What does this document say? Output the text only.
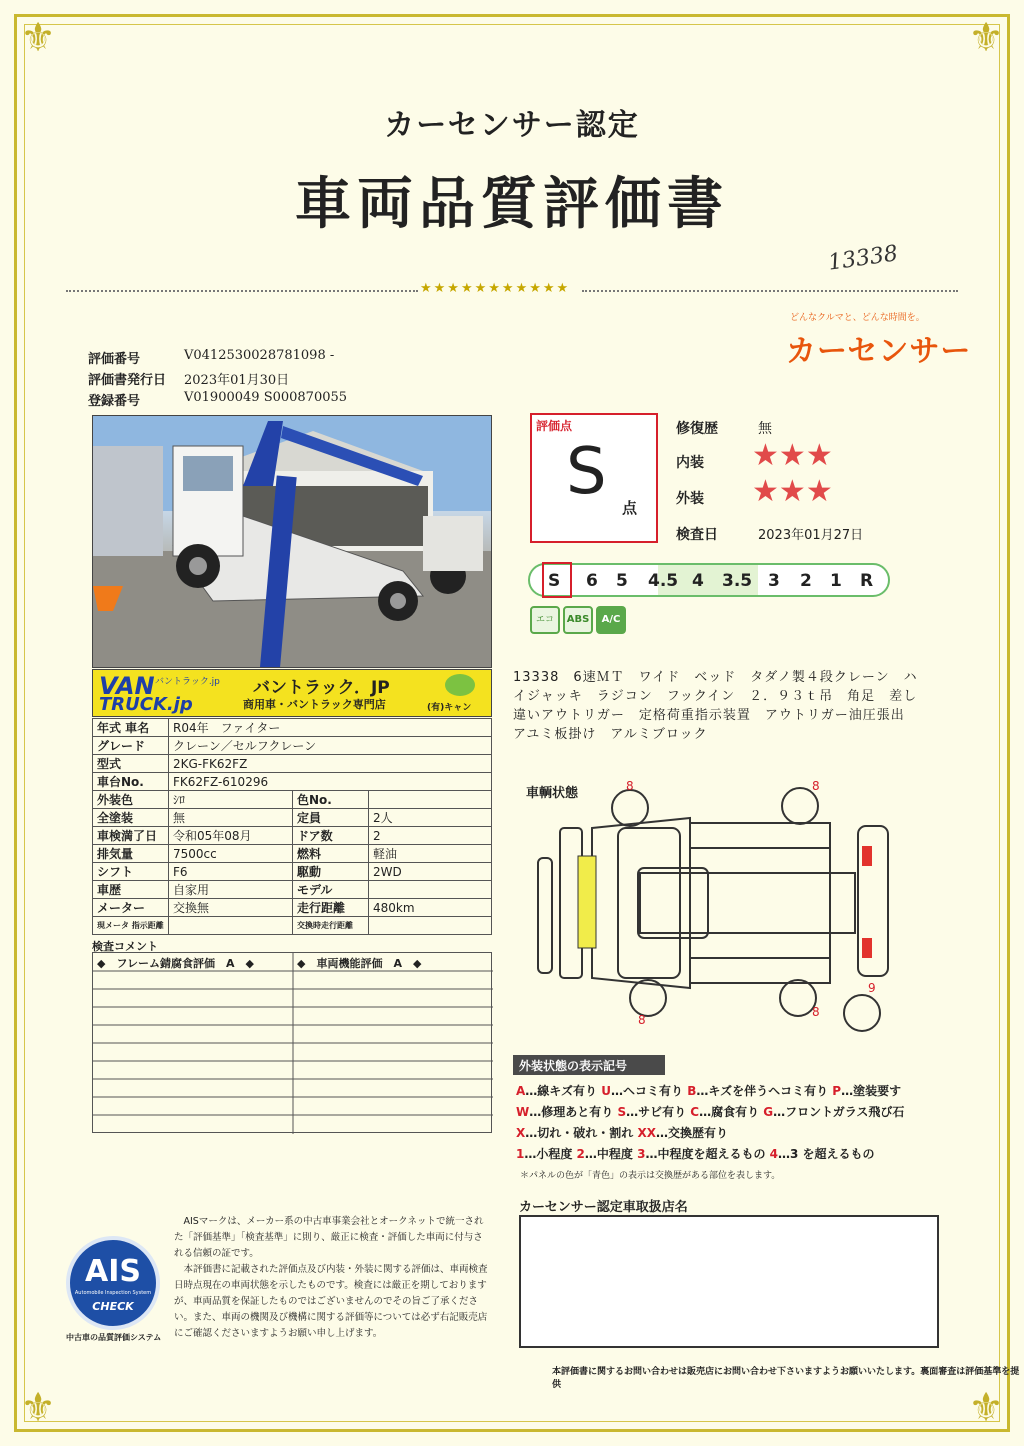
⚜	⚜
⚜	⚜
カーセンサー認定
車両品質評価書
13338
★★★★★★★★★★★
どんなクルマと、どんな時間を。
カーセンサー
評価番号	V0412530028781098 -
評価書発行日 2023年01月30日
登録番号	V01900049 S000870055
VAN
TRUCK.jp
バントラック.jp バントラック．JP
商用車・バントラック専門店	(有)キャン
年式 車名	R04年　ファイター		
グレード	クレーン／セルフクレーン		
型式	2KG-FK62FZ		
車台No.	FK62FZ-610296		
外装色	ｼﾛ	色No.	
全塗装	無	定員	2人
車検満了日	令和05年08月	ドア数	2
排気量	7500cc	燃料	軽油
シフト	F6	駆動	2WD
車歴	自家用	モデル	
メーター	交換無	走行距離	480km
現メータ 指示距離		交換時走行距離	
検査コメント
◆　フレーム錆腐食評価　A　◆	◆　車両機能評価　A　◆
評価点
S 点
修復歴	無
内装 ★★★
外装 ★★★
検査日	2023年01月27日
S 6 5 4.5 4 3.5 3 2 1 R
エコ	ABS	A/C
13338　6速ＭＴ　ワイド　ベッド　タダノ製４段クレーン　ハイジャッキ　ラジコン　フックイン　２．９３ｔ吊　角足　差し違いアウトリガー　定格荷重指示装置　アウトリガー油圧張出　アユミ板掛け　アルミブロック
車輌状態	8	8
8
8
9
外装状態の表示記号
A…線キズ有り U…ヘコミ有り B…キズを伴うヘコミ有り P…塗装要す
W…修理あと有り S…サビ有り C…腐食有り G…フロントガラス飛び石
X…切れ・破れ・割れ XX…交換歴有り
1…小程度 2…中程度 3…中程度を超えるもの 4…3 を超えるもの
＊パネルの色が「青色」の表示は交換歴がある部位を表します。
カーセンサー認定車取扱店名
AIS
Automobile Inspection System
CHECK
中古車の品質評価システム
AISマークは、メーカー系の中古車事業会社とオークネットで統一された「評価基準」「検査基準」に則り、厳正に検査・評価した車両に付与される信頼の証です。
本評価書に記載された評価点及び内装・外装に関する評価は、車両検査日時点現在の車両状態を示したものです。検査には厳正を期しておりますが、車両品質を保証したものではございませんのでその旨ご了承ください。また、車両の機関及び機構に関する評価等については必ず右記販売店にご確認くださいますようお願い申し上げます。
本評価書に関するお問い合わせは販売店にお問い合わせ下さいますようお願いいたします。裏面審查は評価基準を提供
